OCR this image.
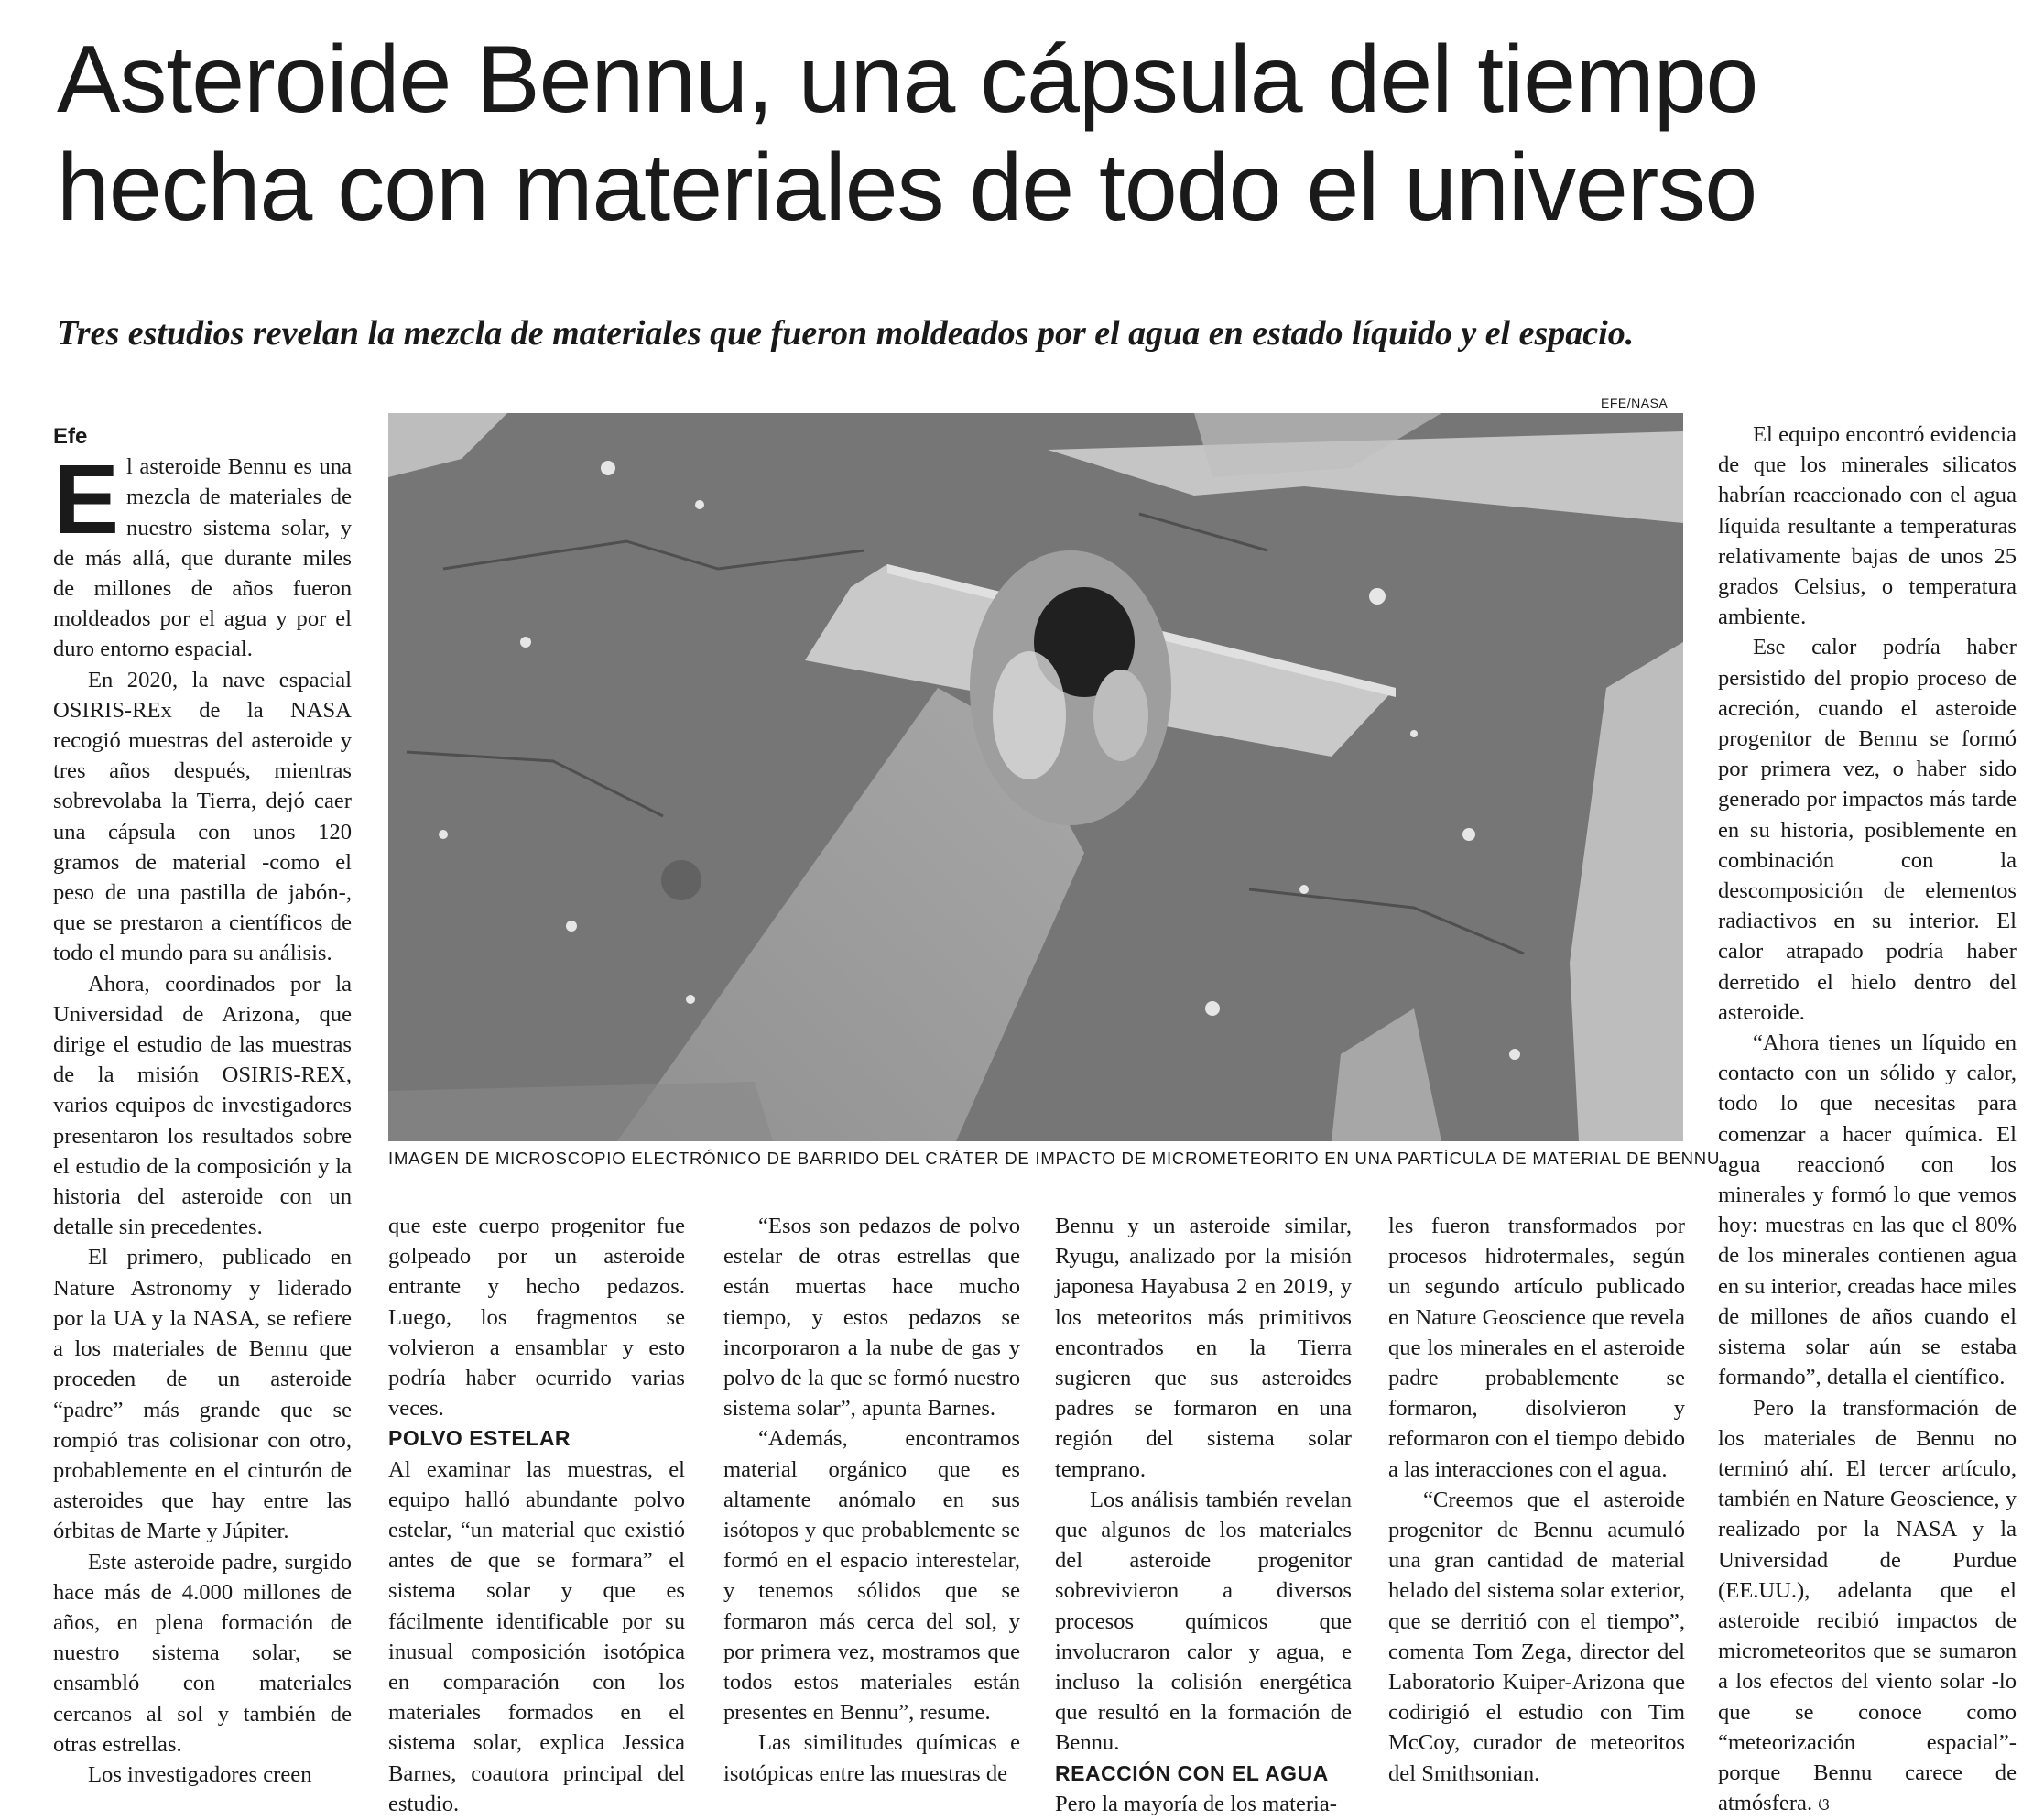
Asteroide Bennu, una cápsula del tiempo
hecha con materiales de todo el universo

Tres estudios revelan la mezcla de materiales que fueron moldeados por el agua en estado líquido y el espacio.

EFE/NASA
IMAGEN DE MICROSCOPIO ELECTRÓNICO DE BARRIDO DEL CRÁTER DE IMPACTO DE MICROMETEORITO EN UNA PARTÍCULA DE MATERIAL DE BENNU.

Efe

El asteroide Bennu es una mezcla de materiales de nuestro sistema solar, y de más allá, que durante miles de millones de años fueron moldeados por el agua y por el duro entorno espacial.

En 2020, la nave espacial OSIRIS-REx de la NASA recogió muestras del asteroide y tres años después, mientras sobrevolaba la Tierra, dejó caer una cápsula con unos 120 gramos de material -como el peso de una pastilla de jabón-, que se prestaron a científicos de todo el mundo para su análisis.

Ahora, coordinados por la Universidad de Arizona, que dirige el estudio de las muestras de la misión OSIRIS-REX, varios equipos de investigadores presentaron los resultados sobre el estudio de la composición y la historia del asteroide con un detalle sin precedentes.

El primero, publicado en Nature Astronomy y liderado por la UA y la NASA, se refiere a los materiales de Bennu que proceden de un asteroide “padre” más grande que se rompió tras colisionar con otro, probablemente en el cinturón de asteroides que hay entre las órbitas de Marte y Júpiter.

Este asteroide padre, surgido hace más de 4.000 millones de años, en plena formación de nuestro sistema solar, se ensambló con materiales cercanos al sol y también de otras estrellas.

Los investigadores creen

que este cuerpo progenitor fue golpeado por un asteroide entrante y hecho pedazos. Luego, los fragmentos se volvieron a ensamblar y esto podría haber ocurrido varias veces.

POLVO ESTELAR

Al examinar las muestras, el equipo halló abundante polvo estelar, “un material que existió antes de que se formara” el sistema solar y que es fácilmente identificable por su inusual composición isotópica en comparación con los materiales formados en el sistema solar, explica Jessica Barnes, coautora principal del estudio.

“Esos son pedazos de polvo estelar de otras estrellas que están muertas hace mucho tiempo, y estos pedazos se incorporaron a la nube de gas y polvo de la que se formó nuestro sistema solar”, apunta Barnes.

“Además, encontramos material orgánico que es altamente anómalo en sus isótopos y que probablemente se formó en el espacio interestelar, y tenemos sólidos que se formaron más cerca del sol, y por primera vez, mostramos que todos estos materiales están presentes en Bennu”, resume.

Las similitudes químicas e isotópicas entre las muestras de

Bennu y un asteroide similar, Ryugu, analizado por la misión japonesa Hayabusa 2 en 2019, y los meteoritos más primitivos encontrados en la Tierra sugieren que sus asteroides padres se formaron en una región del sistema solar temprano.

Los análisis también revelan que algunos de los materiales del asteroide progenitor sobrevivieron a diversos procesos químicos que involucraron calor y agua, e incluso la colisión energética que resultó en la formación de Bennu.

REACCIÓN CON EL AGUA

Pero la mayoría de los materia-

les fueron transformados por procesos hidrotermales, según un segundo artículo publicado en Nature Geoscience que revela que los minerales en el asteroide padre probablemente se formaron, disolvieron y reformaron con el tiempo debido a las interacciones con el agua.

“Creemos que el asteroide progenitor de Bennu acumuló una gran cantidad de material helado del sistema solar exterior, que se derritió con el tiempo”, comenta Tom Zega, director del Laboratorio Kuiper-Arizona que codirigió el estudio con Tim McCoy, curador de meteoritos del Smithsonian.

El equipo encontró evidencia de que los minerales silicatos habrían reaccionado con el agua líquida resultante a temperaturas relativamente bajas de unos 25 grados Celsius, o temperatura ambiente.

Ese calor podría haber persistido del propio proceso de acreción, cuando el asteroide progenitor de Bennu se formó por primera vez, o haber sido generado por impactos más tarde en su historia, posiblemente en combinación con la descomposición de elementos radiactivos en su interior. El calor atrapado podría haber derretido el hielo dentro del asteroide.

“Ahora tienes un líquido en contacto con un sólido y calor, todo lo que necesitas para comenzar a hacer química. El agua reaccionó con los minerales y formó lo que vemos hoy: muestras en las que el 80% de los minerales contienen agua en su interior, creadas hace miles de millones de años cuando el sistema solar aún se estaba formando”, detalla el científico.

Pero la transformación de los materiales de Bennu no terminó ahí. El tercer artículo, también en Nature Geoscience, y realizado por la NASA y la Universidad de Purdue (EE.UU.), adelanta que el asteroide recibió impactos de micrometeoritos que se sumaron a los efectos del viento solar -lo que se conoce como “meteorización espacial”- porque Bennu carece de atmósfera. ଓ
